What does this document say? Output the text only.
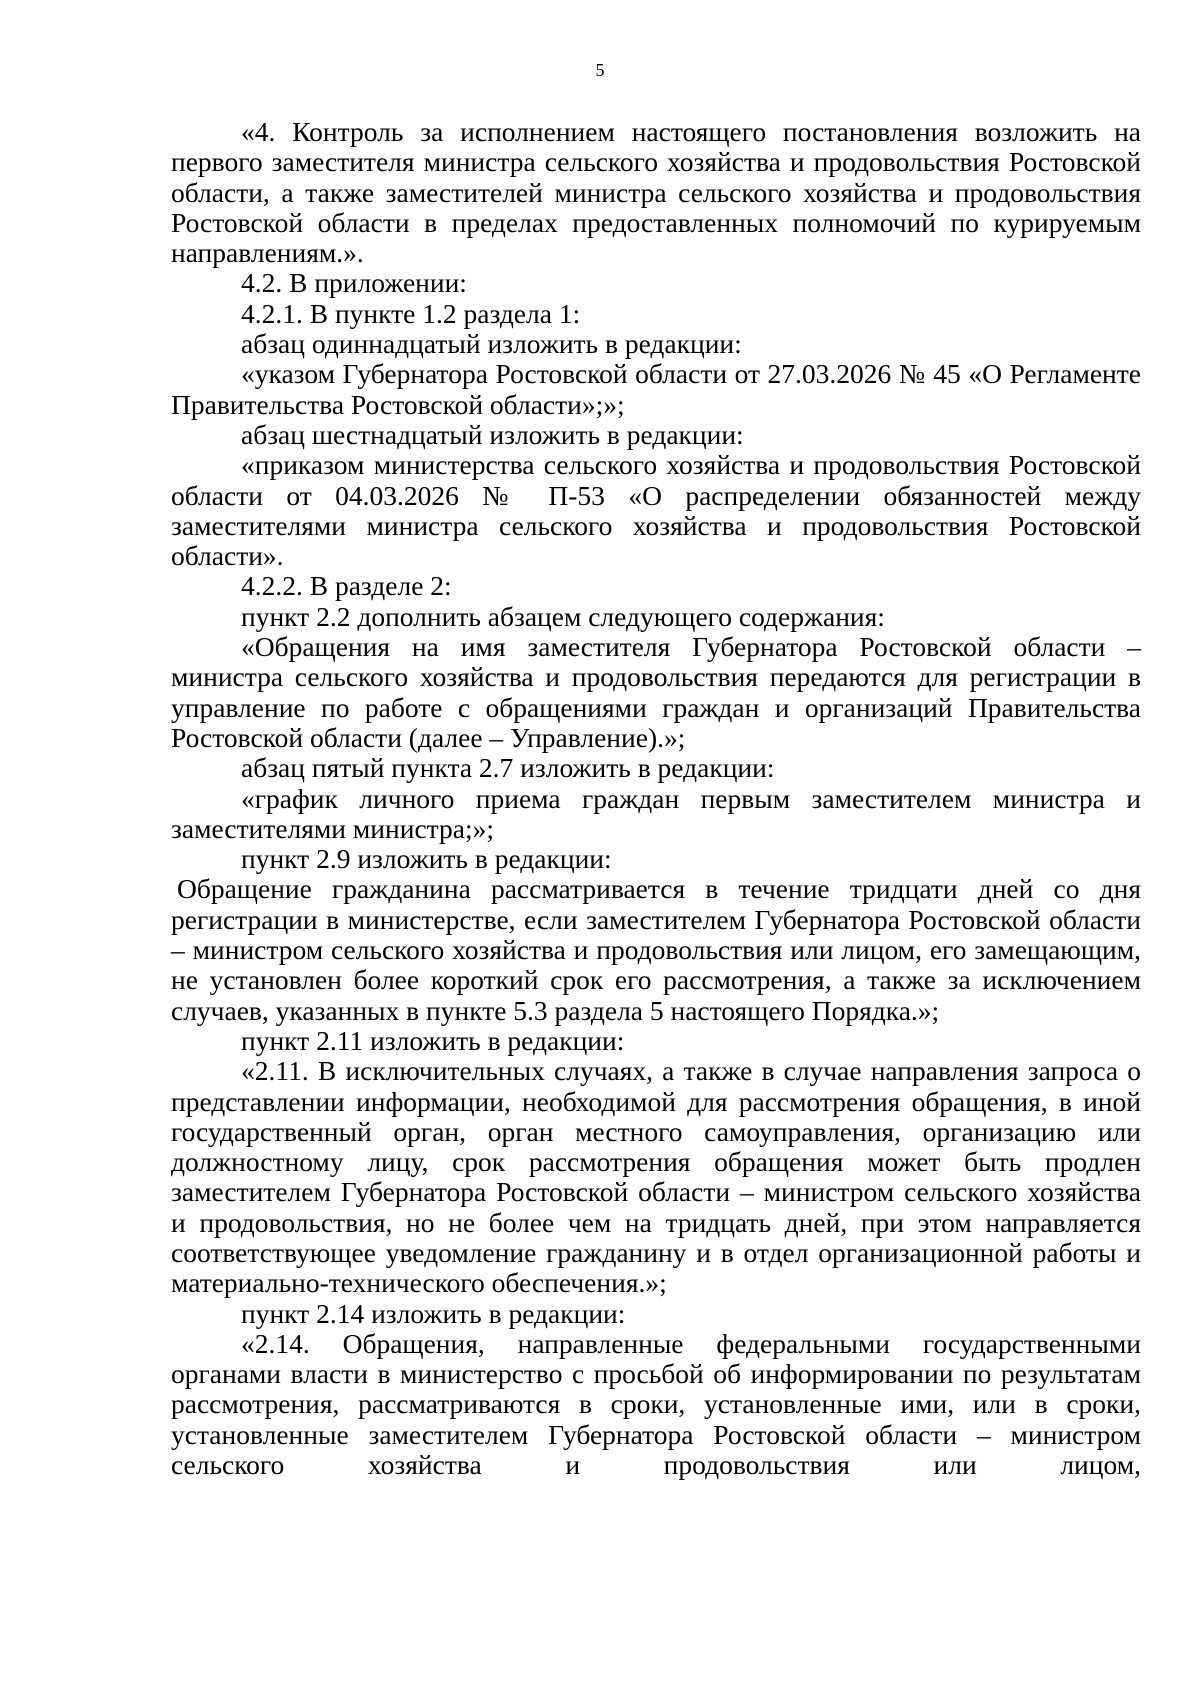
5

«4. Контроль за исполнением настоящего постановления возложить на первого заместителя министра сельского хозяйства и продовольствия Ростовской области, а также заместителей министра сельского хозяйства и продовольствия Ростовской области в пределах предоставленных полномочий по курируемым направлениям.».

4.2. В приложении:

4.2.1. В пункте 1.2 раздела 1:

абзац одиннадцатый изложить в редакции:

«указом Губернатора Ростовской области от 27.03.2026 № 45 «О Регламенте Правительства Ростовской области»;»;

абзац шестнадцатый изложить в редакции:

«приказом министерства сельского хозяйства и продовольствия Ростовской области от 04.03.2026 № П-53 «О распределении обязанностей между заместителями министра сельского хозяйства и продовольствия Ростовской области».

4.2.2. В разделе 2:

пункт 2.2 дополнить абзацем следующего содержания:

«Обращения на имя заместителя Губернатора Ростовской области – министра сельского хозяйства и продовольствия передаются для регистрации в управление по работе с обращениями граждан и организаций Правительства Ростовской области (далее – Управление).»;

абзац пятый пункта 2.7 изложить в редакции:

«график личного приема граждан первым заместителем министра и заместителями министра;»;

пункт 2.9 изложить в редакции:

Обращение гражданина рассматривается в течение тридцати дней со дня регистрации в министерстве, если заместителем Губернатора Ростовской области – министром сельского хозяйства и продовольствия или лицом, его замещающим, не установлен более короткий срок его рассмотрения, а также за исключением случаев, указанных в пункте 5.3 раздела 5 настоящего Порядка.»;

пункт 2.11 изложить в редакции:

«2.11. В исключительных случаях, а также в случае направления запроса о представлении информации, необходимой для рассмотрения обращения, в иной государственный орган, орган местного самоуправления, организацию или должностному лицу, срок рассмотрения обращения может быть продлен заместителем Губернатора Ростовской области – министром сельского хозяйства и продовольствия, но не более чем на тридцать дней, при этом направляется соответствующее уведомление гражданину и в отдел организационной работы и материально-технического обеспечения.»;

пункт 2.14 изложить в редакции:

«2.14. Обращения, направленные федеральными государственными органами власти в министерство с просьбой об информировании по результатам рассмотрения, рассматриваются в сроки, установленные ими, или в сроки, установленные заместителем Губернатора Ростовской области – министром сельского хозяйства и продовольствия или лицом,
